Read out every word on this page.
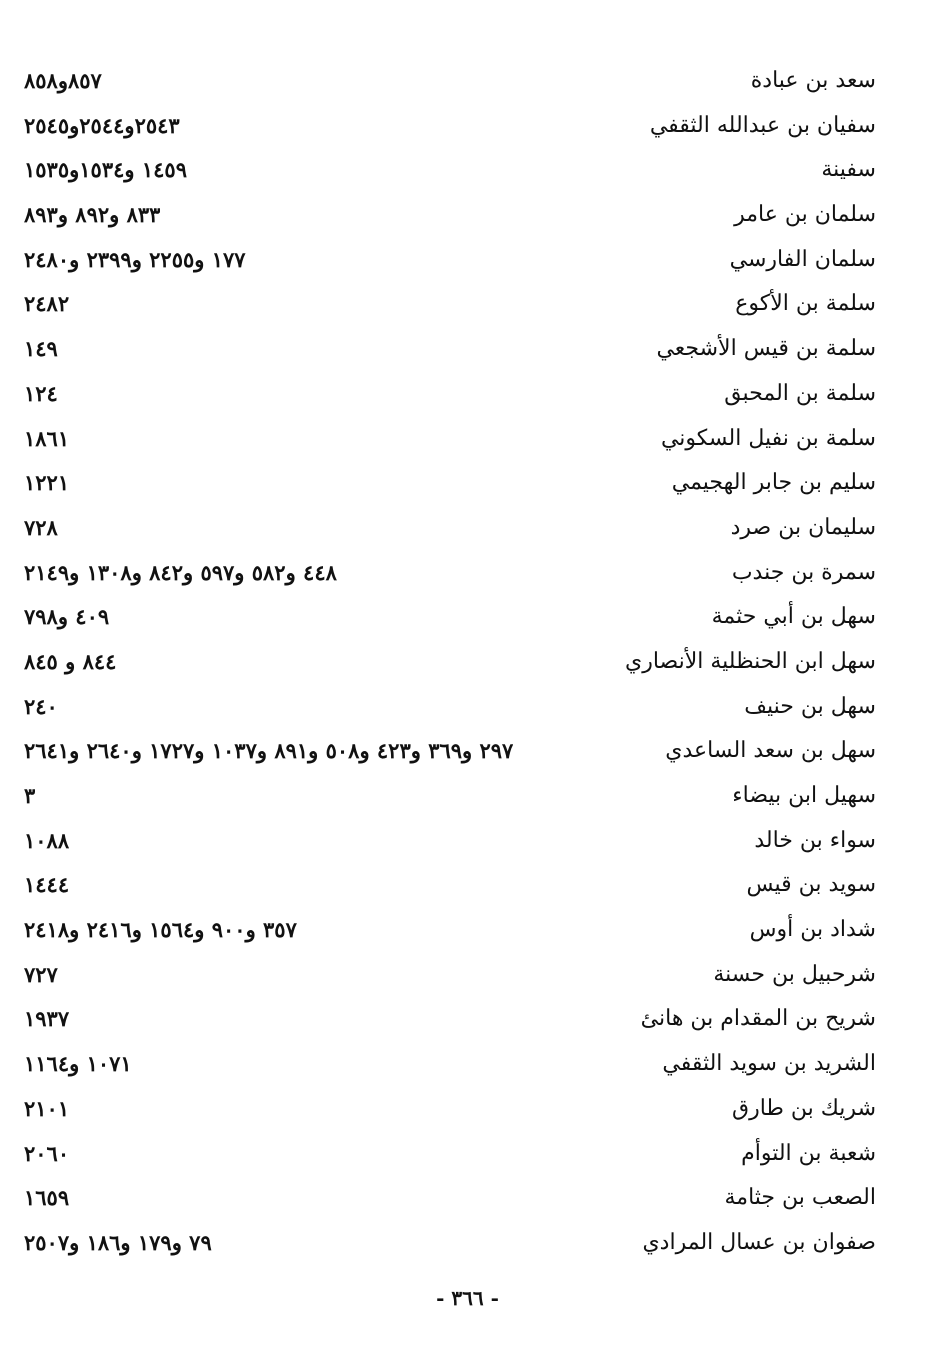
سعد بن عبادة
٨٥٧و٨٥٨
سفيان بن عبدالله الثقفي
٢٥٤٣و٢٥٤٤و٢٥٤٥
سفينة
١٤٥٩ و١٥٣٤و١٥٣٥
سلمان بن عامر
٨٣٣ و٨٩٢ و٨٩٣
سلمان الفارسي
١٧٧ و٢٢٥٥ و٢٣٩٩ و٢٤٨٠
سلمة بن الأكوع
٢٤٨٢
سلمة بن قيس الأشجعي
١٤٩
سلمة بن المحبق
١٢٤
سلمة بن نفيل السكوني
١٨٦١
سليم بن جابر الهجيمي
١٢٢١
سليمان بن صرد
٧٢٨
سمرة بن جندب
٤٤٨ و٥٨٢ و٥٩٧ و٨٤٢ و١٣٠٨ و٢١٤٩
سهل بن أبي حثمة
٤٠٩ و٧٩٨
سهل ابن الحنظلية الأنصاري
٨٤٤ و ٨٤٥
سهل بن حنيف
٢٤٠
سهل بن سعد الساعدي
٢٩٧ و٣٦٩ و٤٢٣ و٥٠٨ و٨٩١ و١٠٣٧ و١٧٢٧ و٢٦٤٠ و٢٦٤١
سهيل ابن بيضاء
٣
سواء بن خالد
١٠٨٨
سويد بن قيس
١٤٤٤
شداد بن أوس
٣٥٧ و٩٠٠ و١٥٦٤ و٢٤١٦ و٢٤١٨
شرحبيل بن حسنة
٧٢٧
شريح بن المقدام بن هانئ
١٩٣٧
الشريد بن سويد الثقفي
١٠٧١ و١١٦٤
شريك بن طارق
٢١٠١
شعبة بن التوأم
٢٠٦٠
الصعب بن جثامة
١٦٥٩
صفوان بن عسال المرادي
٧٩ و١٧٩ و١٨٦ و٢٥٠٧
- ٣٦٦ -
